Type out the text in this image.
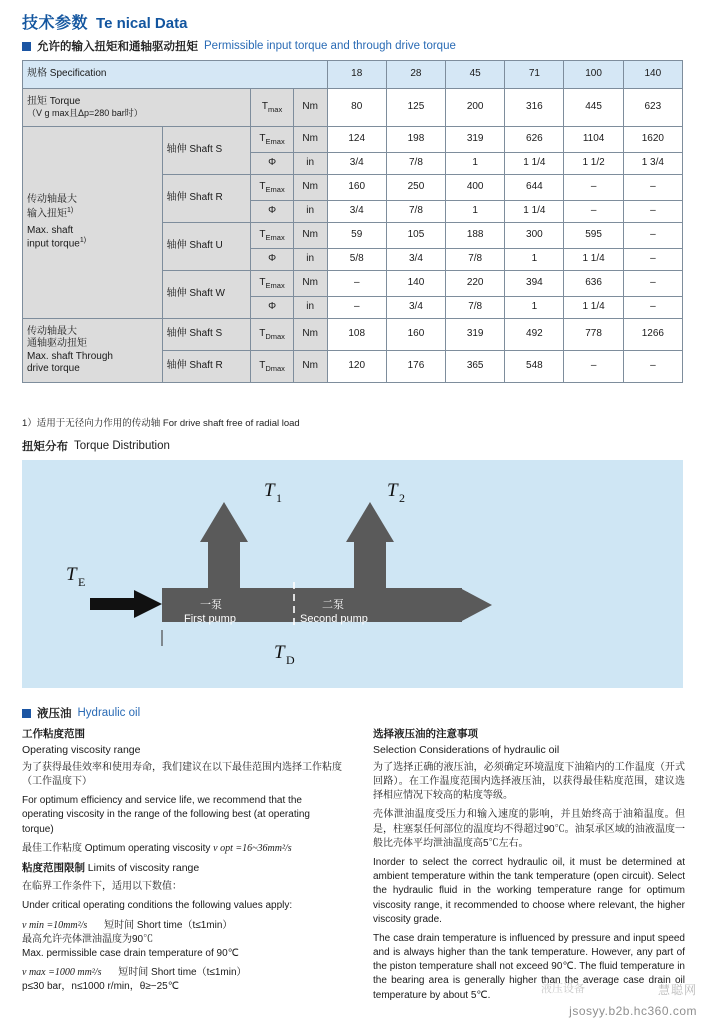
技术参数 Te nical Data
允许的输入扭矩和通轴驱动扭矩 Permissible input torque and through drive torque
规格 Specification				18	28	45	71	100	140

扭矩 Torque
（V g max且Δp=280 bar时）		$T_{max}$	Nm	80	125	200	316	445	623

传动轴最大
输入扭矩$^{1)}$
Max. shaft
input torque$^{1)}$	轴伸 Shaft S	$T_{Emax}$	Nm	124	198	319	626	1104	1620
		Φ	in	3/4	7/8	1	1 1/4	1 1/2	1 3/4
	轴伸 Shaft R	$T_{Emax}$	Nm	160	250	400	644	–	–
		Φ	in	3/4	7/8	1	1 1/4	–	–
	轴伸 Shaft U	$T_{Emax}$	Nm	59	105	188	300	595	–
		Φ	in	5/8	3/4	7/8	1	1 1/4	–
	轴伸 Shaft W	$T_{Emax}$	Nm	–	140	220	394	636	–
		Φ	in	–	3/4	7/8	1	1 1/4	–

传动轴最大
通轴驱动扭矩
Max. shaft Through
drive torque	轴伸 Shaft S	$T_{Dmax}$	Nm	108	160	319	492	778	1266
	轴伸 Shaft R	$T_{Dmax}$	Nm	120	176	365	548	–	–
1）适用于无径向力作用的传动轴 For drive shaft free of radial load
扭矩分布 Torque Distribution
T 1	T 2
T E
T D
一泵
First pump
二泵
Second pump
液压油 Hydraulic oil
工作粘度范围
Operating viscosity range
为了获得最佳效率和使用寿命，我们建议在以下最佳范围内选择工作粘度（工作温度下）
For optimum efficiency and service life, we recommend that the operating viscosity in the range of the following best (at operating torque)
最佳工作粘度 Optimum operating viscosity ν opt =16~36mm²/s
粘度范围限制 Limits of viscosity range
在临界工作条件下，适用以下数值：
Under critical operating conditions the following values apply:
ν min =10mm²/s 短时间 Short time（t≤1min）
最高允许壳体泄油温度为90℃
Max. permissible case drain temperature of 90℃
ν max =1000 mm²/s 短时间 Short time（t≤1min）
p≤30 bar，n≤1000 r/min，θ≥−25℃
选择液压油的注意事项
Selection Considerations of hydraulic oil
为了选择正确的液压油，必须确定环境温度下油箱内的工作温度（开式回路）。在工作温度范围内选择液压油，以获得最佳粘度范围，建议选择相应情况下较高的粘度等级。
壳体泄油温度受压力和输入速度的影响，并且始终高于油箱温度。但是，柱塞泵任何部位的温度均不得超过90℃。油泵承区域的油液温度一般比壳体平均泄油温度高5℃左右。
Inorder to select the correct hydraulic oil, it must be determined at ambient temperature within the tank temperature (open circuit). Select the hydraulic fluid in the working temperature range for optimum viscosity range, it recommended to choose where relevant, the higher viscosity grade.
The case drain temperature is influenced by pressure and input speed and is always higher than the tank temperature. However, any part of the piston temperature shall not exceed 90℃. The fluid temperature in the bearing area is generally higher than the average case drain oil temperature by about 5℃.
液压设备	慧聪网
jsosyy.b2b.hc360.com
